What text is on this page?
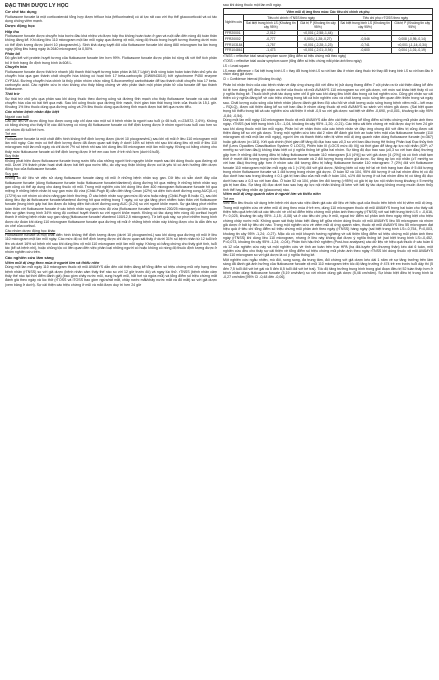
ĐẶC TÍNH DƯỢC LÝ HỌC
Cơ chế tác dụng

Fluticasone furoate là một corticosteroid tổng hợp được trifluor hóa (trifluorinated) có ái lực rất cao với thụ thể glucocorticoid và có tác dụng chống viêm mạnh.

Dược động học
Hấp thu

Fluticasone furoate được chuyển hóa bước đầu khá nhiều và được hấp thu không hoàn toàn ở gan và ruột dẫn đến nồng độ toàn thân không đáng kể. Khi dùng liều 110 microgram một lần mỗi ngày qua đường xịt mũi, nồng độ thuốc trong huyết tương thường dưới mức có thể định lượng được (dưới 10 picogram/mL). Sinh khả dụng tuyệt đối của fluticasone furoate khi dùng 880 microgram ba lần trong ngày (tổng liều hàng ngày là 2640 microgram) là 0,50%.

Phân bố

Độ gắn kết với protein huyết tương của fluticasone furoate lớn hơn 99%. Fluticasone furoate được phân bố rộng rãi với thể tích phân bố ở tình trạng ổn định trung bình là 608 L.

Chuyển hóa

Fluticasone furoate được thải trừ nhanh (độ thanh thải huyết tương toàn phần là 58,7 L/giờ) khỏi vòng tuần hoàn toàn thân chủ yếu do chuyển hóa qua gan thành chất chuyển hóa không có hoạt tính 17 beta-carboxylic (GW694301X) bởi cytochrome P450 enzyme CYP3A4. Đường chuyển hóa chính là thủy phân nhóm chức năng S-fluoromethyl carbothioate để tạo thành chất chuyển hóa 17 beta-carboxylic acid. Các nghiên cứu in vivo không cho thấy bằng chứng về việc phân tách một phần phân tử của furoate để tạo thành fluticasone.

Thải trừ

Sự thải trừ chủ yếu qua phân sau khi dùng thuốc theo đường uống và đường tĩnh mạch cho thấy fluticasone furoate và các chất chuyển hóa của nó bài tiết qua mật. Sau khi uống thuốc qua đường tĩnh mạch, thời gian bán thải trung bình của thuốc là 15,1 giờ. Khoảng 1% liều thuốc dùng qua đường uống và 2% liều thuốc dùng qua đường tĩnh mạch được bài tiết qua nước tiểu.

Các nhóm bệnh nhân đặc biệt
Người cao tuổi

Các dữ liệu về dược động học được cung cấp chỉ dựa vào một số ít bệnh nhân là người cao tuổi (≥ 65 tuổi, n=23/872; 2,6%). Không có bằng chứng cho thấy tỉ lệ các đối tượng có nồng độ fluticasone furoate có thể định lượng được ở nhóm người cao tuổi cao hơn so với nhóm độ tuổi trẻ hơn.

Trẻ em

Fluticasone furoate là một chất điển hình không thể định lượng được (dưới 10 picogram/mL) sau khi xịt mũi ở liều 110 microgram một lần mỗi ngày. Các mức có thể định lượng được đã được quan sát thấy ở dưới 16% số bệnh nhi sau khi dùng liều xịt mũi ở liều 110 microgram một lần mỗi ngày và chỉ dưới 7% số bệnh nhi sau khi dùng liều 55 microgram một lần mỗi ngày. Không có bằng chứng cho thấy mức fluticasone furoate có thể định lượng được ở trẻ em cao hơn ở trẻ nhỏ hơn (dưới 6 tuổi).

Suy thận

Không phát hiện được fluticasone furoate trong nước tiểu của những người tình nguyện khỏe mạnh sau khi dùng thuốc qua đường xịt mũi. Dưới 1% thành phần hoạt chất được bài tiết qua nước tiểu, do vậy suy thận không được coi là yếu tố có ảnh hưởng đến dược động học của fluticasone furoate.

Suy gan

Không có dữ liệu về việc sử dụng fluticasone furoate dạng xịt mũi ở những bệnh nhân suy gan. Dữ liệu có sẵn dưới đây của fluticasone furoate (dùng fluticasone furoate hoặc fluticasone furoate/vilanterol) dùng đường hít qua miệng ở những bệnh nhân suy gan cũng có thể áp dụng cho dạng thuốc xịt mũi. Trong một nghiên cứu khi dùng liều đơn 400 microgram fluticasone furoate hít qua miệng ở những bệnh nhân bị suy gan mức độ vừa (Child-Pugh B) dẫn đến tăng Cmax (42%) và diện tích dưới đường cong AUC(0-∞) (172%) so với nhóm có chức năng gan bình thường. Ở các bệnh nhân suy gan mức độ vừa hoặc nặng (Child-Pugh B hoặc C), sau khi dùng liều lặp lại fluticasone furoate/vilanterol đường hít qua miệng trong 7 ngày, có sự gia tăng phơi nhiễm toàn thân với fluticasone furoate (trung bình gấp hai lần được đo bằng diện tích dưới đường cong AUC (0-24) so với người khỏe mạnh. Sự gia tăng phơi nhiễm toàn thân với fluticasone furoate ở các bệnh nhân suy gan mức độ vừa (fluticasone furoate/ vilanterol 200/25 microgram) có liên quan đến sự giảm trung bình 34% nồng độ cortisol huyết thanh so với người khỏe mạnh. Không có tác dụng trên nồng độ cortisol huyết thanh ở những bệnh nhân suy gan nặng (fluticasone furoate/ vilanterol 100/12,5 microgram). Từ kết quả này, sự phơi nhiễm trung bình được dự đoán khi dùng 110 microgram fluticasone furoate qua đường xịt mũi ở những bệnh nhân này không được cho là dẫn đến sự ức chế của cortisol.

Các nhóm dược động học khác

Fluticasone furoate là một chất điển hình không thể định lượng được (dưới 10 picogram/mL) sau khi dùng qua đường xịt mũi ở liều 110 microgram một lần mỗi ngày. Các mức độ có thể định lượng được chỉ được quan sát thấy ở dưới 31% số bệnh nhân từ 12 tuổi trở lên và dưới 16% số bệnh nhi sau khi dùng liều xịt mũi 110 microgram một lần mỗi ngày. Không có bằng chứng cho thấy giới tính, tuổi tác (kể cả bệnh nhi), hoặc chủng tộc có liên quan đến việc phân loại những người có hoặc không có nồng độ thuốc định lượng được ở nhóm nghiên cứu trên.

Các nghiên cứu lâm sàng
Viêm mũi dị ứng theo mùa ở người lớn và thiếu niên

Dùng một lần mỗi ngày 110 microgram thuốc xịt mũi AVAMYS dẫn đến cải thiện đáng kể tổng điểm số triệu chứng mũi xếp hạng theo bệnh nhân (rTNSS) so với giả dược (bệnh nhân cảm thấy thế nào so với 12 giờ trước đó) và ngay lúc thử. rTNSS (bệnh nhân cảm thấy thế nào tại thời điểm đánh giá) (bao gồm chảy nước mũi, xung huyết mũi, hắt hơi và ngứa mũi) và tổng điểm số triệu chứng mắt đánh giá theo ngày và lúc thử (rTOSS và iTOSS bao gồm ngứa/rát mắt, chảy nước mắt/chảy nước mắt và đỏ mắt) so với giả dược (xem bảng ở dưới). Sự cải thiện các triệu chứng ở mũi và mắt được duy trì hơn 24 giờ

sau khi dùng thuốc một lần mỗi ngày.

Viêm mũi dị ứng theo mùa: Các tiêu chí chính và phụ				
Nghiên cứu	Tiêu chí chính: rTNSS theo ngày		Tiêu chí phụ: rTOSS theo ngày	
	Sai biệt trung bình LS (Khoảng tin cậy 95%)	Giá trị P (Khoảng tin cậy 95%)	Sai biệt trung bình LS (Khoảng tin cậy 95%)	Giá trị P (Khoảng tin cậy 95%)
FFR20001	-2,012	<0,001 (-2,58;-1,44)	-	-
FFR20002	-0,777	0,003 (-1,28;-0,27)	-0,546	0,008 (-0,95;-0,14)
FFR103184	-1,757	<0,001 (-2,28;-1,23)	-0,741	<0,001 (-1,14;-0,34)
FFR104861	-1,473	<0,001 (-2,01;-0,94)	-0,600	0,004 (-1,01;-0,19)

rTNSS = reflective total nasal symptom score (tổng điểm số triệu chứng mũi theo ngày)

rTOSS = reflective total ocular symptom score (tổng điểm số triệu chứng mắt phản ánh theo ngày)

LS = Least square

LS-mean difference = Sai biệt trung bình LS = thay đổi trung bình LS so với ban đầu ở nhóm dùng thuốc trừ thay đổi trung bình LS so với ban đầu ở nhóm dùng giả dược

CI = Confidence Interval (Khoảng tin cậy)

Phân bố nhận thức của các bệnh nhân về đáp ứng chung đối với điều trị (sử dụng thang điểm 7 cột phân ra từ cải thiện đáng kể đến tồi tệ hơn đáng kể) đều ghi nhận ưu thế của thuốc xịt mũi AVAMYS 110 microgram so với giả dược, với mức sai khác biệt thấy rõ có ý nghĩa thống kê. Thuốc khởi phát tác dụng sớm chỉ 8 giờ sau khi dùng liều khởi đầu trong cả hai nghiên cứu. Cũng ghi nhận sự cải thiện có ý nghĩa đáng kể về các triệu chứng trong tất cả bốn nghiên cứu và chất lượng cuộc sống liên quan đến thiện trong và ngày sau. Chất lượng cuộc sống của bệnh nhân (được đánh giá theo Bộ câu hỏi về chất lượng cuộc sống trong bệnh viêm mũi – kết mạc – RQLQ), được cải thiện đáng kể so với ban đầu ở nhóm dùng thuốc xịt mũi AVAMYS so sánh với nhóm giả dược. (Sai biệt quan trọng tối thiểu trong tất cả các nghiên cứu cải thiện ít nhất -0,5 so với giả dược: sai biệt về điểm -0,690, p<0,001, khoảng tin cậy 95% -0,84; -0,54).

Dùng một lần mỗi ngày 110 microgram thuốc xịt mũi AVAMYS dẫn đến cải thiện đáng kể tổng điểm số triệu chứng mũi phản ánh theo ngày- rTNSS (sai biệt trung bình LS= -1,04, khoảng tin cậy 95% -1,20; -0,21). Các triệu cải tiến chứng về mũi được duy trì hơn 24 giờ sau khi dùng thuốc một lần mỗi ngày. Phân bố về nhận thức của các bệnh nhân về đáp ứng chung đối với điều trị cũng được cải thiện đáng kể so với giả dược. Trong một nghiên cứu kéo dài 2 năm để đánh giá tính an toàn trên mật của fluticasone furoate (110 microgram xịt mũi một lần mỗi ngày), người lớn và thanh thiếu niên bị viêm mũi dị ứng quanh năm dùng fluticasone furoate (n=367) hoặc giả dược (n=181). Kết quả chính (thời gian để tăng độ đục bao sau ≥0,3 so với ban đầu trong Hệ thống Phân loại Đục thủy tinh thể (Lens Opacities Classification System © LOCS), Phiên bản III (LOCS mức độ III)) và thời gian để tăng áp lực nội nhãn (IOP; ≥7 mmHg so với ban đầu)) không khác biệt có ý nghĩa thống kê giữa hai nhóm. Sự tăng độ đục bao sau (≥0,3 so với ban đầu) thường gặp hơn ở những đối tượng điều trị bằng fluticasone furoate 110 microgram [14 (4%)] so với giả dược [4 (2%)] và có tính chất tạm thời ở mười đối tượng trong nhóm fluticasone furoate và 2 đối tượng trong nhóm giả dược. Sự tăng áp lực nội nhãn (≥7 mmHg so với ban đầu) thường gặp hơn ở nhóm các đối tượng điều trị bằng fluticasone furoate 110 microgram: 7 (2%) đối với fluticasone furoate 110 microgram một lần mỗi ngày và 1 (<1%) đối với giả dược. Những biến cố này trở lại về tình trạng ban đầu ở 5 đối tượng trong nhóm fluticasone furoate và 1 đối tượng trong nhóm giả dược. Ở tuần 52 và 104, 95% đối tượng ở cả hai nhóm điều trị có độ đục dưới bao sau trong khoảng ± 0,1 giá trị ban đầu của mỗi mắt ở tuần 104, ≤1% đối tượng ở cả hai nhóm điều trị có tăng độ đục dưới bao sau ≥ 0,3 so với ban đầu. Ở tuần 52 và 104, phần lớn đối tượng (>95%) có giá trị áp lực nội nhãn trong khoảng ± 5 mmHg giá trị ban đầu. Sự tăng độ đục dưới bao sau hay áp lực nội nhãn không đi kèm với bất kỳ tác dụng không mong muốn được thủy tinh thể hay tăng nhãn áp (glaucoma) nào.

Viêm mũi dị ứng quanh năm ở người lớn và thiếu niên
Trẻ em

Viêc dồn liều thuốc sử dụng trên bệnh nhi dựa vào việc đánh giá các dữ liệu về hiệu quả của thuốc trên bệnh nhi bị viêm mũi dị ứng. Trong một nghiên cứu về viêm mũi dị ứng theo mùa ở trẻ em, dùng 110 microgram thuốc xịt mũi AVAMYS trong hai tuần cho thấy cải thiện hiệu quả trên tất cả các tiêu chí về chỉ số điểm triệu chứng mũi phản ánh theo ngày (rTNSS) với sai biệt trung bình LS = -0,616, P= 0,025, khoảng tin cậy 95% -1,15; -0,08) và ở các tiêu chí phụ ở mũi, ngoại trừ điểm số phản ánh theo ngày riêng biệt cho triệu chứng chảy nước mũi. Không quan sát thấy khác biệt đáng kể giữa nhóm dùng thuốc xịt mũi AVAMYS liều 55 microgram và nhóm giả dược ở bất kỳ tiêu chí nào. Trong một nghiên cứu về viêm mũi dị ứng quanh năm, thuốc xịt mũi AVAMYS liều 55 microgram đạt hiệu quả ở tiêu chí tổng điểm số triệu chứng mũi phản ánh theo ngày (rTNSS) hàng ngày (sai biệt trung bình LS=-0,754, P=0,003, khoảng tin cậy 95% -1,24; -0,27). Mặc dù có một khuynh hướng nghiêng về cải thiện tổng điểm số triệu chứng mũi phản ánh theo ngày (rTNSS) khi dùng liều 110 microgram, nhưng ở liều này không đạt được ý nghĩa thống kê (sai biệt trung bình LS=-0,452, P=0,073, khoảng tin cậy 95% -1,24; -0,04). Phân tích hậu thử nghiệm (Post-hoc analyses) các dữ liệu về hiệu quả thuốc ở các tuần 6 và 12 của nghiên cứu này và một nghiên cứu về tính an toàn trên trục HPA (hạ đồi-tuyến yên-thượng thận) kéo dài 6 tuần, một nghiên cứu đều cho thấy sự cải thiện về tổng điểm số triệu chứng mũi phản ánh theo ngày rTNSS khi dùng thuốc xịt mũi AVAMYS liều 110 microgram so với giả dược là có ý nghĩa thống kê.

Một nghiên cứu ngẫu nhiên, mù đôi, song song, đa trung tâm, đối chứng với giả dược kéo dài 1 năm về sự tăng trưởng trên lâm sàng đã đánh giá ảnh hưởng của fluticasone furoate xịt mũi 110 microgram trên tốc độ tăng trưởng ở 474 trẻ em trước tuổi dậy thì (5 đến 7,5 tuổi đối với bé gái và 5 đến 8,5 tuổi đối với bé trai). Tốc độ tăng trưởng trung bình trong giai đoạn điều trị 52 tuần thấp hơn ở bệnh nhân dùng fluticasone furoate (5,19 cm/năm) so với nhóm dùng giả dược (5,46 cm/năm). Sự khác biệt điều trị trung bình là -0,27 cm/năm [95% CI -0,48 đến -0,06].
